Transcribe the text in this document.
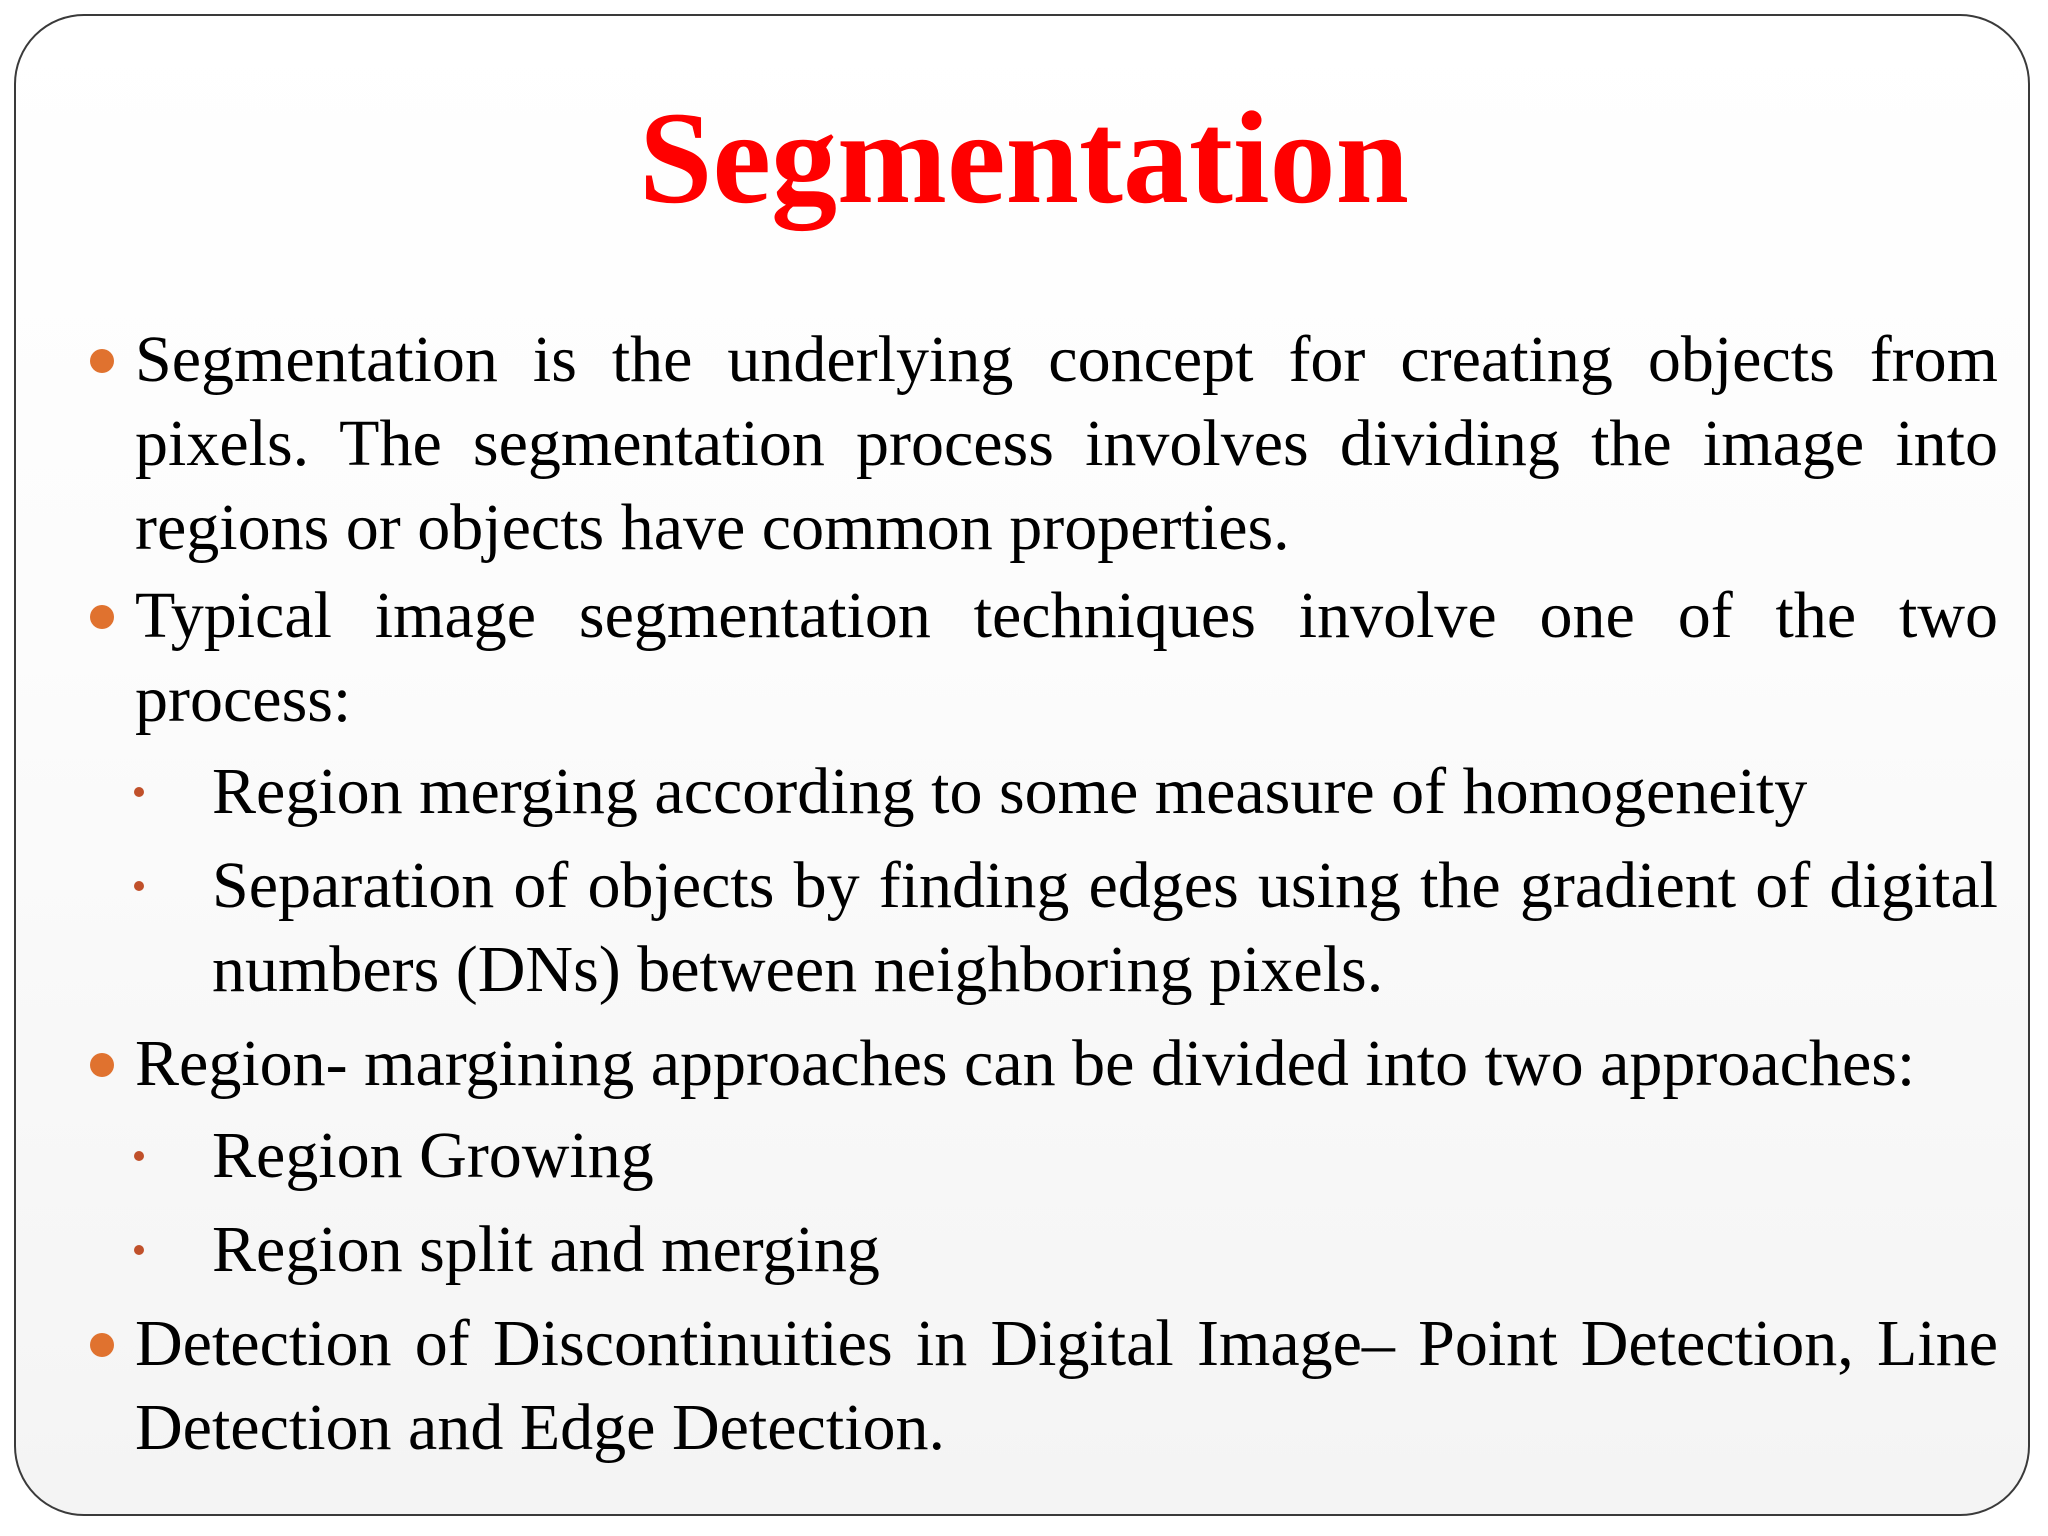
Segmentation
Segmentation is the underlying concept for creating objects from pixels. The segmentation process involves dividing the image into regions or objects have common properties.
Typical image segmentation techniques involve one of the two process:
Region merging according to some measure of homogeneity
Separation of objects by finding edges using the gradient of digital numbers (DNs) between neighboring pixels.
Region- margining approaches can be divided into two approaches:
Region Growing
Region split and merging
Detection of Discontinuities in Digital Image– Point Detection, Line Detection and Edge Detection.
